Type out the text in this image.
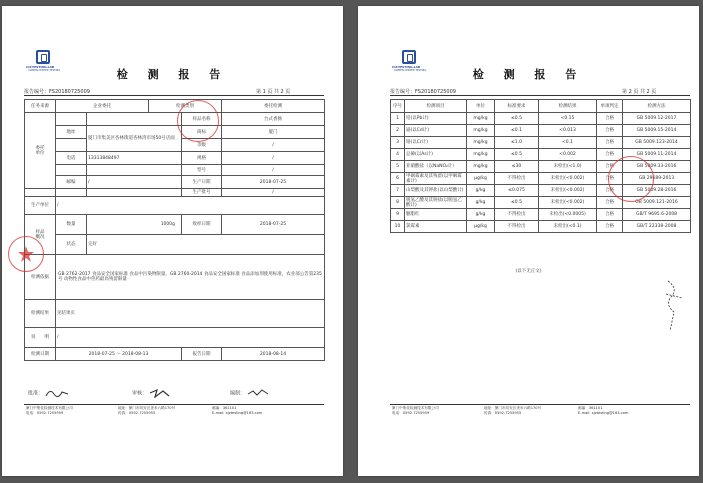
CLT-TESTING-LAB
XIAMEN CENTER TESTING	检 测 报 告
报告编号：FS20180725009	第 1 页 共 2 页
任务来源	企业委托		检测类别		委托检测
委托
单位				样品名称	台式香肠
	地址	厦门市集美区杏林街道杏林湾市场50号店面		商标	厦门
				等级	/
	电话	13313848497		规格	/
				型号	/
	邮编	/		生产日期	2018-07-25
				生产批号	/
生产单位	/				
样品
概况	数量	1000g		收样日期	2018-07-25
	状态	完好			
检测依据	GB 2762-2017 食品安全国家标准 食品中污染物限量，GB 2760-2014 食品安全国家标准 食品添加剂使用标准，农业部公告第235号 动物性食品中兽药最高残留限量				
检测结果	见结果页				
说　　明	/				
检测日期	2018-07-25 ～ 2018-08-13			报告日期	2018-08-14
批准：	审核：	编制：
厦门中集佳检测技术有限公司
电话：0592-7255959
地址：厦门市同安区美禾六路170号
传真：0592-7255955
邮编：361101
E-mail: xjztesting@163.com
CLT-TESTING-LAB
XIAMEN CENTER TESTING	检 测 报 告
报告编号：FS20180725009	第 2 页 共 2 页
序号	检测项目	单位	标准要求	检测结果	单项判定	检测方法
1	铅(以Pb计)	mg/kg	≤0.5	<0.15	合格	GB 5009.12-2017
2	镉(以Cd计)	mg/kg	≤0.1	<0.013	合格	GB 5009.15-2014
3	铬(以Cr计)	mg/kg	≤1.0	<0.1	合格	GB 5009.123-2014
4	总砷(以As计)	mg/kg	≤0.5	<0.002	合格	GB 5009.11-2014
5	亚硝酸盐（以NaNO₂计）	mg/kg	≤30	未检出(<1.0)	合格	GB 5009.33-2016
6	甲砜霉素及其残留(以甲砜霉素计)	μg/kg	不得检出	未检出(<0.002)	合格	GB 29689-2013
7	山梨酸及其钾盐(以山梨酸计)	g/kg	≤0.075	未检出(<0.002)	合格	GB 5009.28-2016
8	脱氢乙酸及其钠盐(以脱氢乙酸计)	g/kg	≤0.5	未检出(<0.002)	合格	GB 5009.121-2016
9	胭脂红	g/kg	不得检出	未检出(<0.0005)	合格	GB/T 9695.6-2008
10	氯霉素	μg/kg	不得检出	未检出(<0.1)	合格	GB/T 22338-2008
(以下无正文)
厦门中集佳检测技术有限公司
电话：0592-7255959
地址：厦门市同安区美禾六路170号
传真：0592-7255955
邮编：361101
E-mail: xjztesting@163.com
